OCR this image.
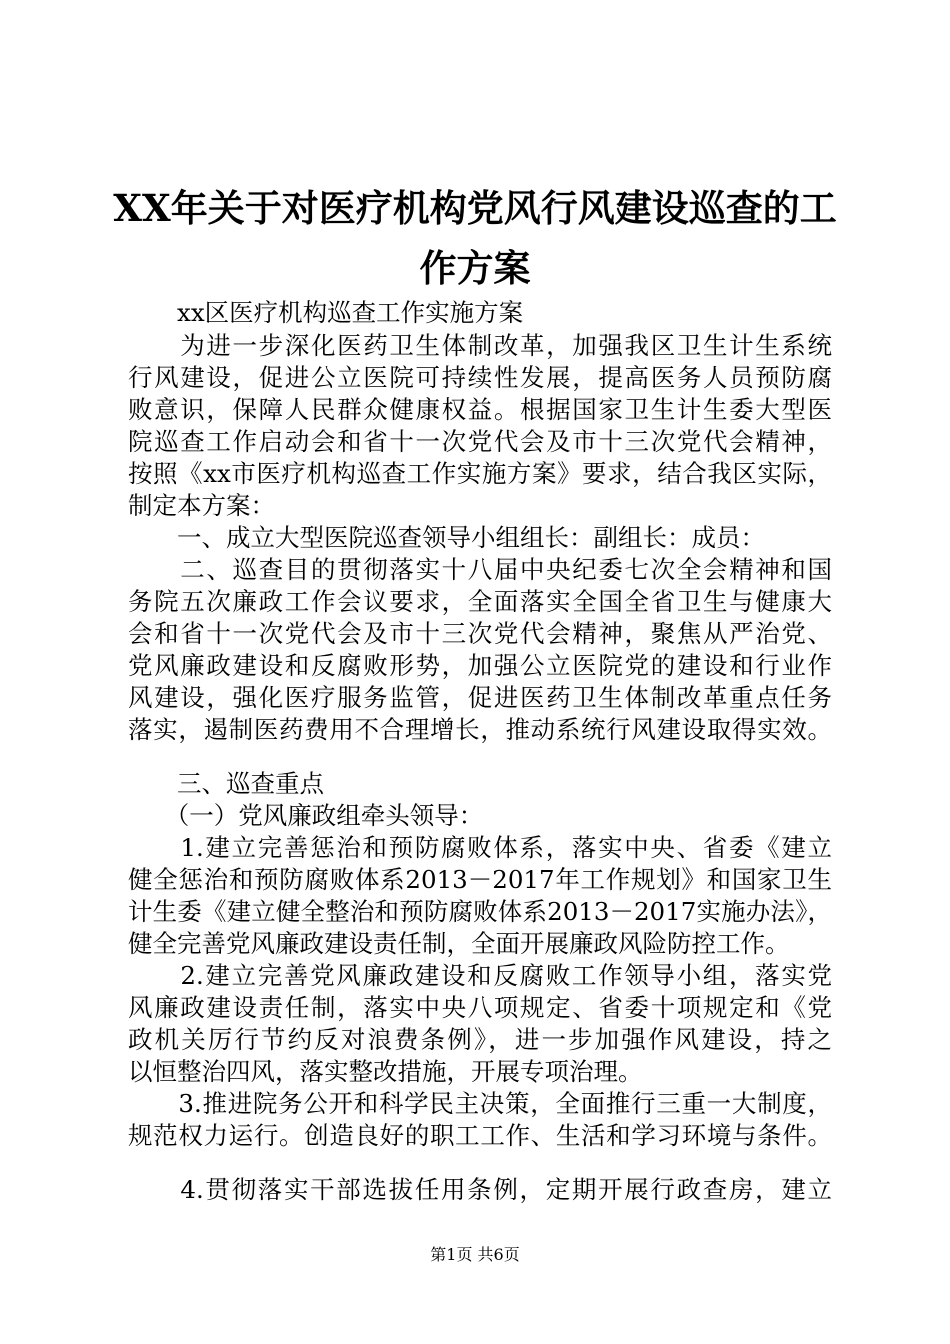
XX年关于对医疗机构党风行风建设巡查的工
作方案
　　xx区医疗机构巡查工作实施方案
　　为进一步深化医药卫生体制改革，加强我区卫生计生系统
行风建设，促进公立医院可持续性发展，提高医务人员预防腐
败意识，保障人民群众健康权益。根据国家卫生计生委大型医
院巡查工作启动会和省十一次党代会及市十三次党代会精神，
按照《xx市医疗机构巡查工作实施方案》要求，结合我区实际，
制定本方案：
　　一、成立大型医院巡查领导小组组长：副组长：成员：
　　二、巡查目的贯彻落实十八届中央纪委七次全会精神和国
务院五次廉政工作会议要求，全面落实全国全省卫生与健康大
会和省十一次党代会及市十三次党代会精神，聚焦从严治党、
党风廉政建设和反腐败形势，加强公立医院党的建设和行业作
风建设，强化医疗服务监管，促进医药卫生体制改革重点任务
落实，遏制医药费用不合理增长，推动系统行风建设取得实效。
　　三、巡查重点
　　（一）党风廉政组牵头领导：
　　1.建立完善惩治和预防腐败体系，落实中央、省委《建立
健全惩治和预防腐败体系2013－2017年工作规划》和国家卫生
计生委《建立健全整治和预防腐败体系2013－2017实施办法》，
健全完善党风廉政建设责任制，全面开展廉政风险防控工作。
　　2.建立完善党风廉政建设和反腐败工作领导小组，落实党
风廉政建设责任制，落实中央八项规定、省委十项规定和《党
政机关厉行节约反对浪费条例》，进一步加强作风建设，持之
以恒整治四风，落实整改措施，开展专项治理。
　　3.推进院务公开和科学民主决策，全面推行三重一大制度，
规范权力运行。创造良好的职工工作、生活和学习环境与条件。
　　4.贯彻落实干部选拔任用条例，定期开展行政查房，建立
第1页 共6页
